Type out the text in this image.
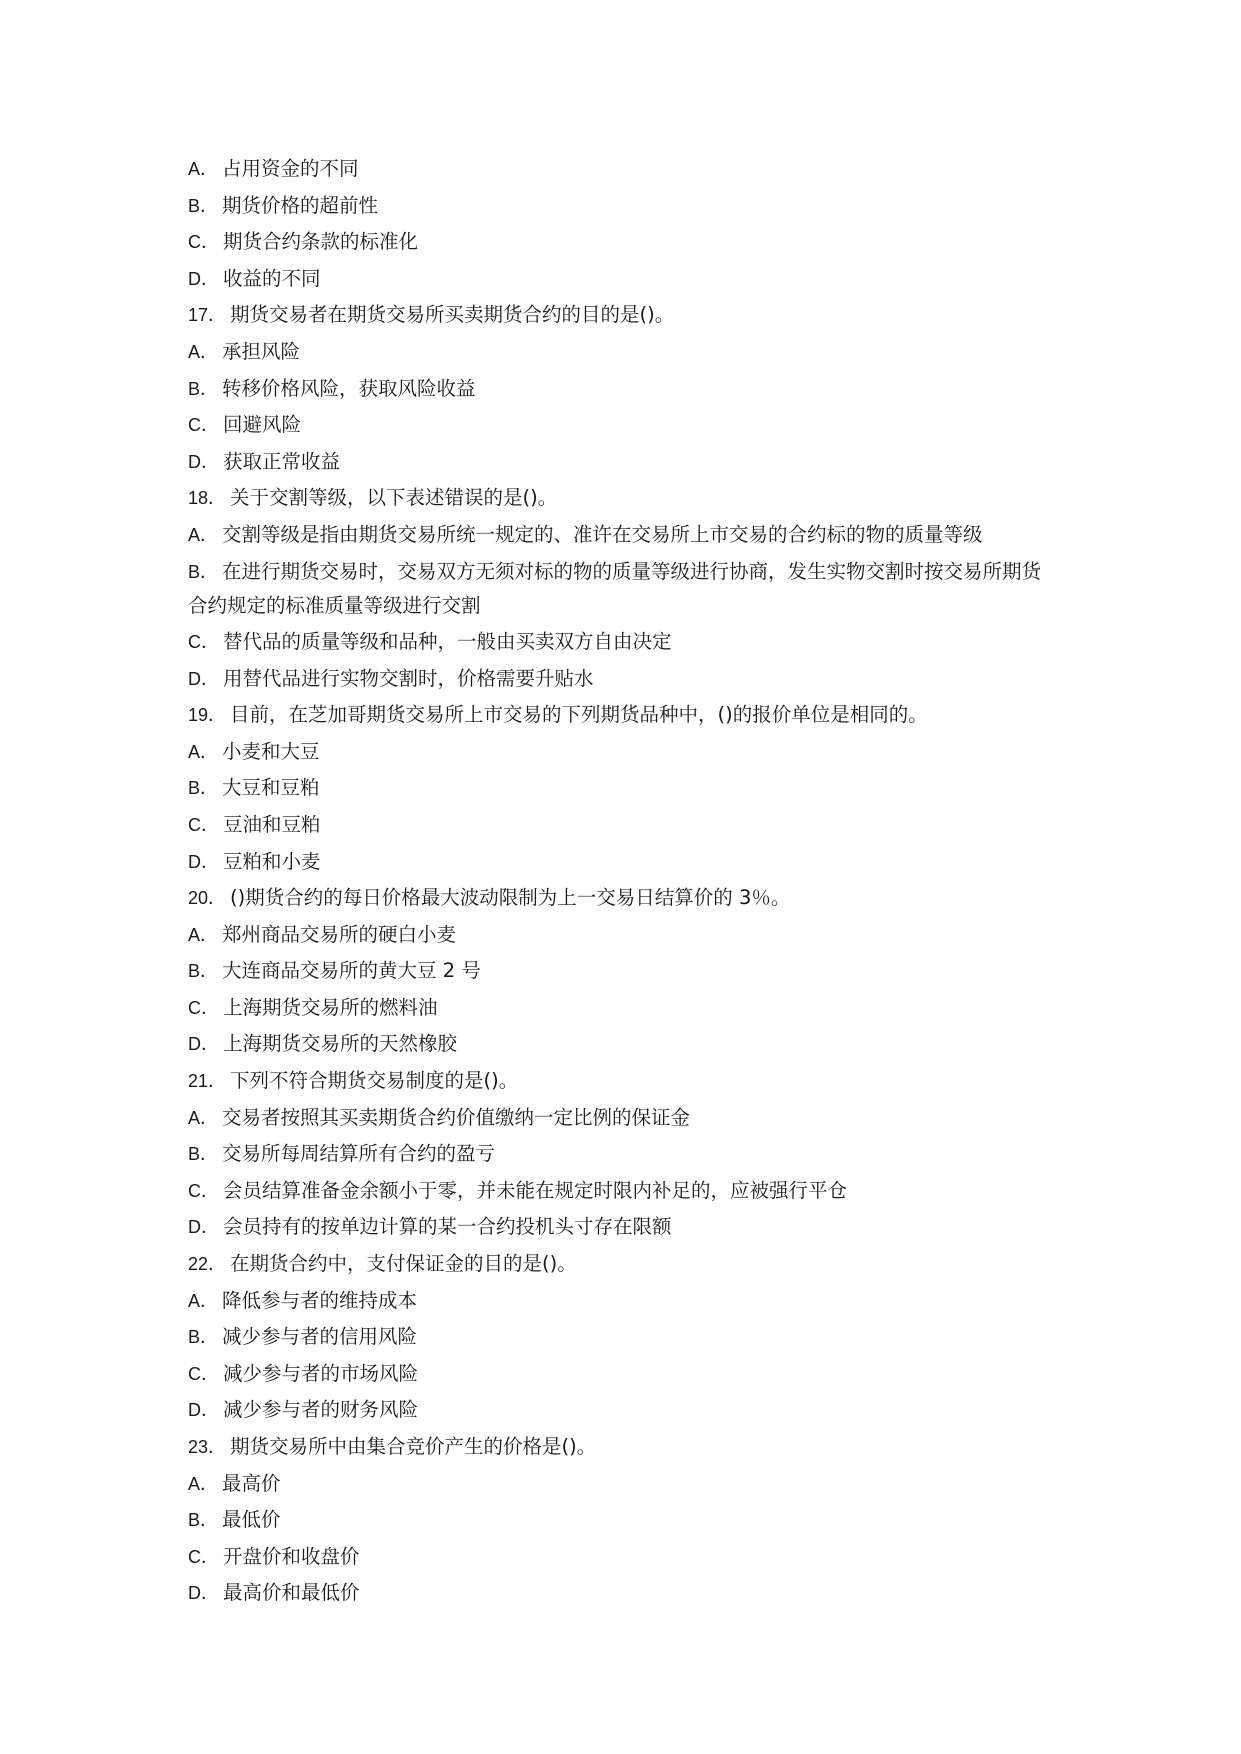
A． 占用资金的不同

B． 期货价格的超前性

C． 期货合约条款的标准化

D． 收益的不同

17． 期货交易者在期货交易所买卖期货合约的目的是()。

A． 承担风险

B． 转移价格风险，获取风险收益

C． 回避风险

D． 获取正常收益

18． 关于交割等级，以下表述错误的是()。

A． 交割等级是指由期货交易所统一规定的、准许在交易所上市交易的合约标的物的质量等级

B． 在进行期货交易时，交易双方无须对标的物的质量等级进行协商，发生实物交割时按交易所期货合约规定的标准质量等级进行交割

C． 替代品的质量等级和品种，一般由买卖双方自由决定

D． 用替代品进行实物交割时，价格需要升贴水

19． 目前，在芝加哥期货交易所上市交易的下列期货品种中，()的报价单位是相同的。

A． 小麦和大豆

B． 大豆和豆粕

C． 豆油和豆粕

D． 豆粕和小麦

20． ()期货合约的每日价格最大波动限制为上一交易日结算价的 3％。

A． 郑州商品交易所的硬白小麦

B． 大连商品交易所的黄大豆 2 号

C． 上海期货交易所的燃料油

D． 上海期货交易所的天然橡胶

21． 下列不符合期货交易制度的是()。

A． 交易者按照其买卖期货合约价值缴纳一定比例的保证金

B． 交易所每周结算所有合约的盈亏

C． 会员结算准备金余额小于零，并未能在规定时限内补足的，应被强行平仓

D． 会员持有的按单边计算的某一合约投机头寸存在限额

22． 在期货合约中，支付保证金的目的是()。

A． 降低参与者的维持成本

B． 减少参与者的信用风险

C． 减少参与者的市场风险

D． 减少参与者的财务风险

23． 期货交易所中由集合竞价产生的价格是()。

A． 最高价

B． 最低价

C． 开盘价和收盘价

D． 最高价和最低价
